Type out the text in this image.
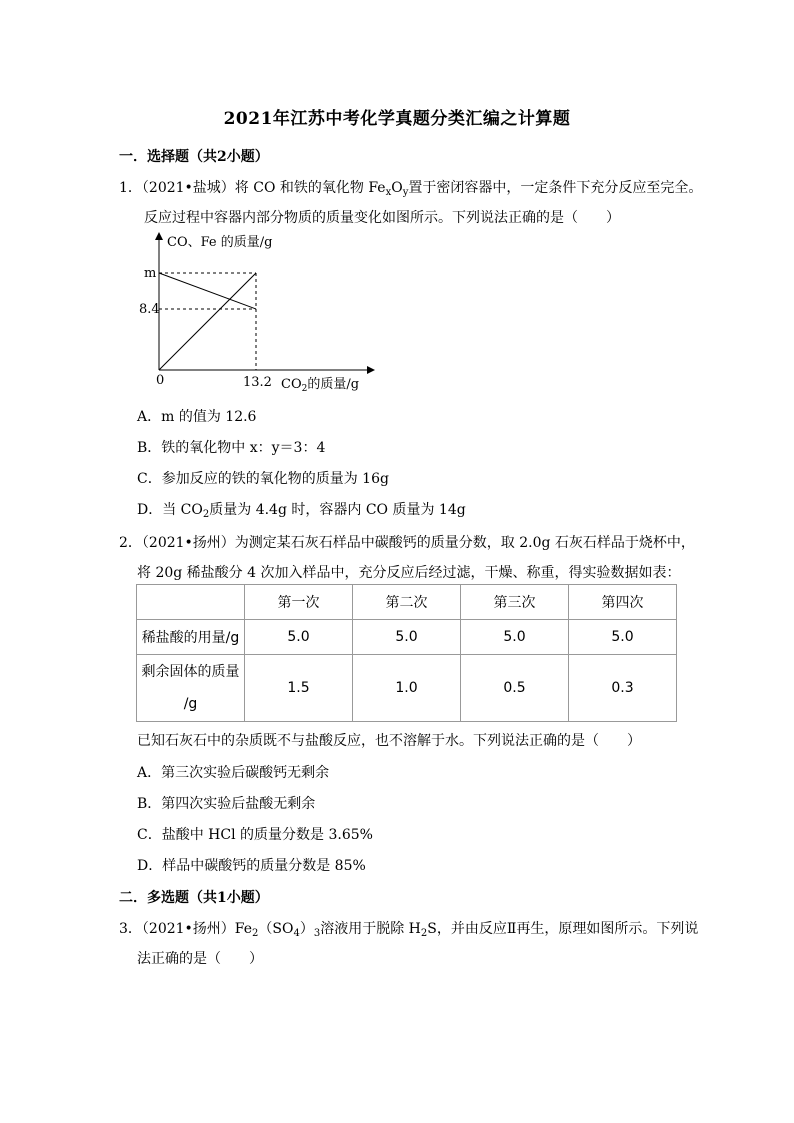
2021年江苏中考化学真题分类汇编之计算题
一．选择题（共2小题）
1．（2021•盐城）将 CO 和铁的氧化物 $Fe_xO_y$置于密闭容器中，一定条件下充分反应至完全。
反应过程中容器内部分物质的质量变化如图所示。下列说法正确的是（　　）
CO、Fe 的质量/g
m
8.4
0	13.2 $CO_2$的质量/g
A．m 的值为 12.6
B．铁的氧化物中 x：y＝3：4
C．参加反应的铁的氧化物的质量为 16g
D．当 $CO_2$质量为 4.4g 时，容器内 CO 质量为 14g
2．（2021•扬州）为测定某石灰石样品中碳酸钙的质量分数，取 2.0g 石灰石样品于烧杯中，
将 20g 稀盐酸分 4 次加入样品中，充分反应后经过滤，干燥、称重，得实验数据如表：
	第一次	第二次	第三次	第四次
稀盐酸的用量/g	5.0	5.0	5.0	5.0
剩余固体的质量
/g	1.5	1.0	0.5	0.3
已知石灰石中的杂质既不与盐酸反应，也不溶解于水。下列说法正确的是（　　）
A．第三次实验后碳酸钙无剩余
B．第四次实验后盐酸无剩余
C．盐酸中 HCl 的质量分数是 3.65%
D．样品中碳酸钙的质量分数是 85%
二．多选题（共1小题）
3．（2021•扬州）$Fe_2(SO_4)_3$溶液用于脱除 $H_2S$，并由反应Ⅱ再生，原理如图所示。下列说
法正确的是（　　）
